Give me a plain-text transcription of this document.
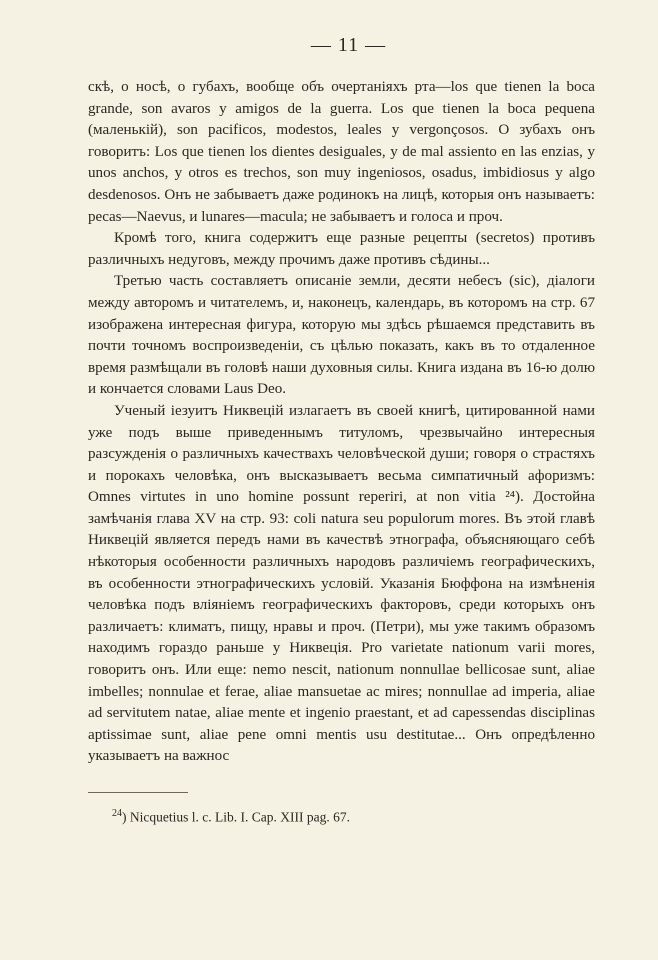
— 11 —

скѣ, о носѣ, о губахъ, вообще объ очертаніяхъ рта—los que tienen la boca grande, son avaros y amigos de la guerra. Los que tienen la boca pequena (маленькій), son pacificos, modestos, leales y vergonçosos. О зубахъ онъ говоритъ: Los que tienen los dientes desiguales, y de mal assiento en las enzias, y unos anchos, y otros es trechos, son muy ingeniosos, osadus, imbidiosus y algo desdenosos. Онъ не забываетъ даже родинокъ на лицѣ, которыя онъ называетъ: pecas—Naevus, и lunares—macula; не забываетъ и голоса и проч.

Кромѣ того, книга содержитъ еще разные рецепты (secretos) противъ различныхъ недуговъ, между прочимъ даже противъ сѣдины...

Третью часть составляетъ описаніе земли, десяти небесъ (sic), діалоги между авторомъ и читателемъ, и, наконецъ, календарь, въ которомъ на стр. 67 изображена интересная фигура, которую мы здѣсь рѣшаемся представить въ почти точномъ воспроизведеніи, съ цѣлью показать, какъ въ то отдаленное время размѣщали въ головѣ наши духовныя силы. Книга издана въ 16-ю долю и кончается словами Laus Deo.

Ученый іезуитъ Никвецій излагаетъ въ своей книгѣ, цитированной нами уже подъ выше приведеннымъ титуломъ, чрезвычайно интересныя разсужденія о различныхъ качествахъ человѣческой души; говоря о страстяхъ и порокахъ человѣка, онъ высказываетъ весьма симпатичный афоризмъ: Omnes virtutes in uno homine possunt reperiri, at non vitia ²⁴). Достойна замѣчанія глава XV на стр. 93: coli natura seu populorum mores. Въ этой главѣ Никвецій является передъ нами въ качествѣ этнографа, объясняющаго себѣ нѣкоторыя особенности различныхъ народовъ различіемъ географическихъ, въ особенности этнографическихъ условій. Указанія Бюффона на измѣненія человѣка подъ вліяніемъ географическихъ факторовъ, среди которыхъ онъ различаетъ: климатъ, пищу, нравы и проч. (Петри), мы уже такимъ образомъ находимъ гораздо раньше у Никвеція. Pro varietate nationum varii mores, говоритъ онъ. Или еще: nemo nescit, nationum nonnullae bellicosae sunt, aliae imbelles; nonnulae et ferae, aliae mansuetae ac mires; nonnullae ad imperia, aliae ad servitutem natae, aliae mente et ingenio praestant, et ad capessendas disciplinas aptissimae sunt, aliae pene omni mentis usu destitutae... Онъ опредѣленно указываетъ на важнос

$^{24}$) Nicquetius l. c. Lib. I. Cap. XIII pag. 67.
